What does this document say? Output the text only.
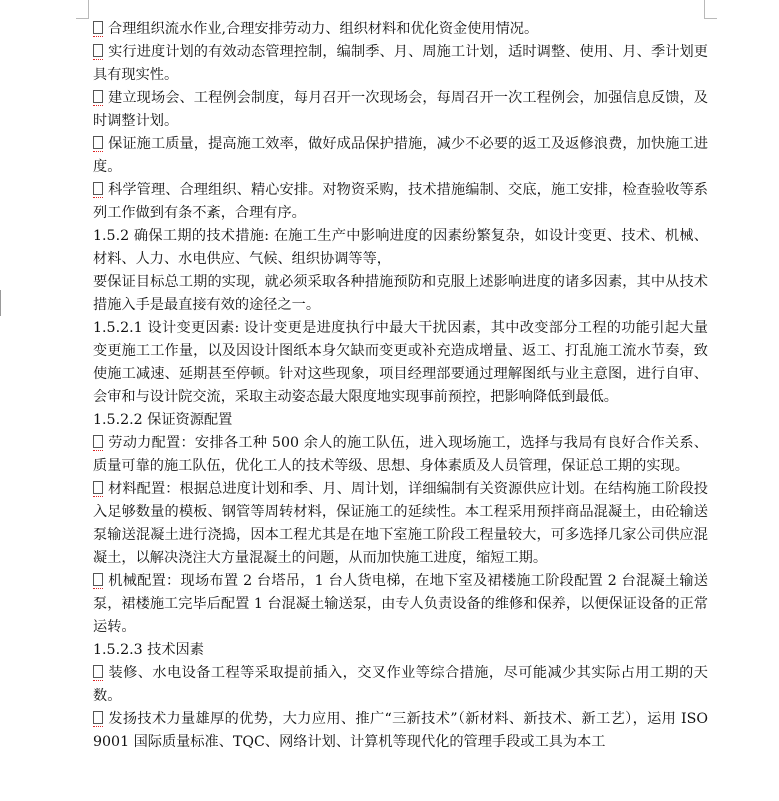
合理组织流水作业,合理安排劳动力、组织材料和优化资金使用情况。

实行进度计划的有效动态管理控制，编制季、月、周施工计划，适时调整、使用、月、季计划更具有现实性。

建立现场会、工程例会制度，每月召开一次现场会，每周召开一次工程例会，加强信息反馈，及时调整计划。

保证施工质量，提高施工效率，做好成品保护措施，减少不必要的返工及返修浪费，加快施工进度。

科学管理、合理组织、精心安排。对物资采购，技术措施编制、交底，施工安排，检查验收等系列工作做到有条不紊，合理有序。

1.5.2 确保工期的技术措施: 在施工生产中影响进度的因素纷繁复杂，如设计变更、技术、机械、材料、人力、水电供应、气候、组织协调等等，

要保证目标总工期的实现，就必须采取各种措施预防和克服上述影响进度的诸多因素，其中从技术措施入手是最直接有效的途径之一。

1.5.2.1 设计变更因素: 设计变更是进度执行中最大干扰因素，其中改变部分工程的功能引起大量变更施工工作量，以及因设计图纸本身欠缺而变更或补充造成增量、返工、打乱施工流水节奏，致使施工减速、延期甚至停顿。针对这些现象，项目经理部要通过理解图纸与业主意图，进行自审、会审和与设计院交流，采取主动姿态最大限度地实现事前预控，把影响降低到最低。

1.5.2.2 保证资源配置

劳动力配置：安排各工种 500 余人的施工队伍，进入现场施工，选择与我局有良好合作关系、质量可靠的施工队伍，优化工人的技术等级、思想、身体素质及人员管理，保证总工期的实现。

材料配置：根据总进度计划和季、月、周计划，详细编制有关资源供应计划。在结构施工阶段投入足够数量的模板、钢管等周转材料，保证施工的延续性。本工程采用预拌商品混凝土，由砼输送泵输送混凝土进行浇捣，因本工程尤其是在地下室施工阶段工程量较大，可多选择几家公司供应混凝土，以解决浇注大方量混凝土的问题，从而加快施工进度，缩短工期。

机械配置：现场布置 2 台塔吊，1 台人货电梯，在地下室及裙楼施工阶段配置 2 台混凝土输送泵，裙楼施工完毕后配置 1 台混凝土输送泵，由专人负责设备的维修和保养，以便保证设备的正常运转。

1.5.2.3 技术因素

装修、水电设备工程等采取提前插入，交叉作业等综合措施，尽可能减少其实际占用工期的天数。

发扬技术力量雄厚的优势，大力应用、推广“三新技术”（新材料、新技术、新工艺），运用 ISO 9001 国际质量标准、TQC、网络计划、计算机等现代化的管理手段或工具为本工
